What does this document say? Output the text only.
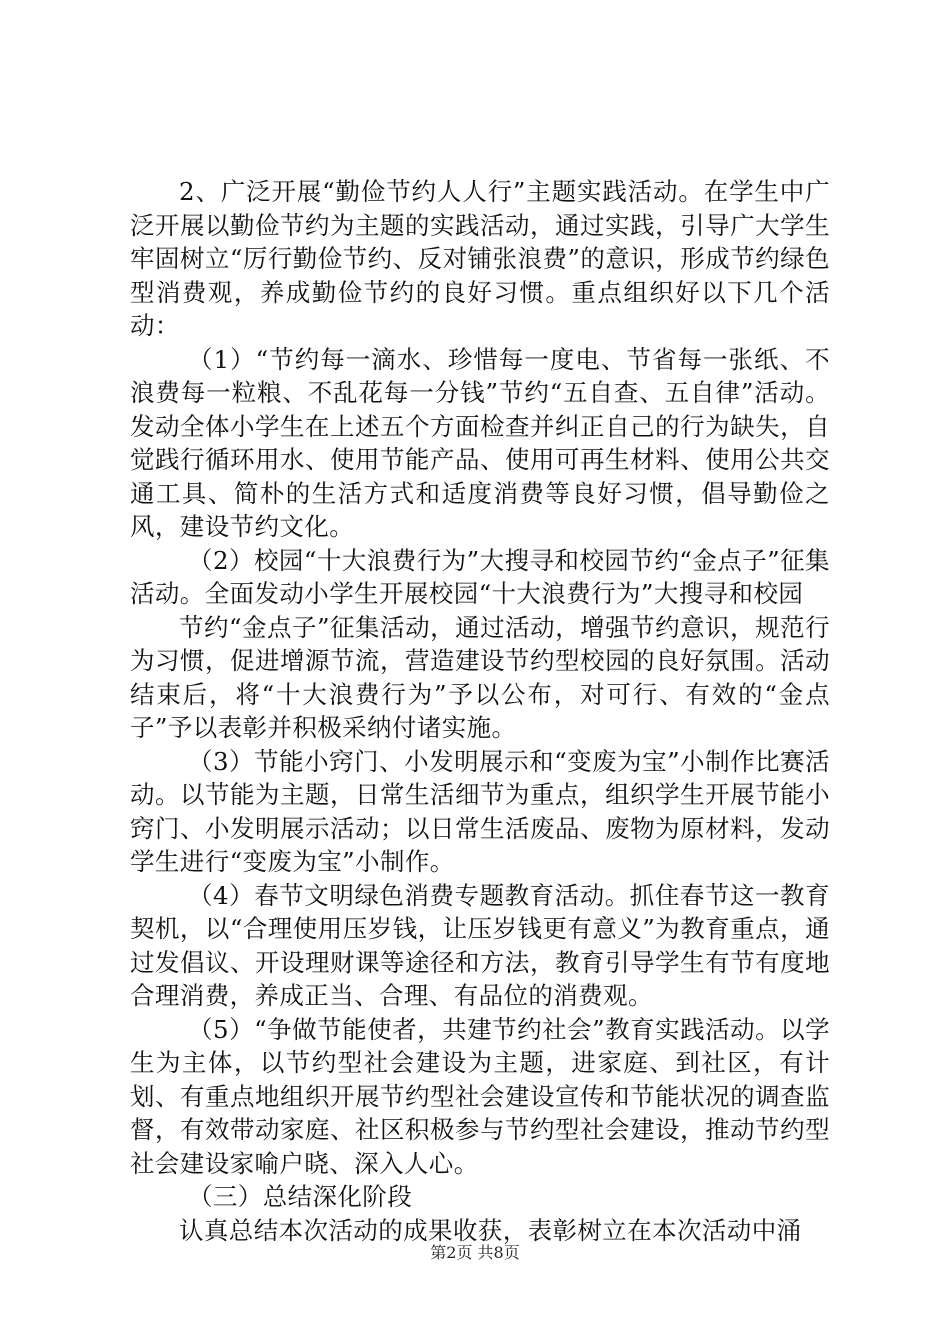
2、广泛开展“勤俭节约人人行”主题实践活动。在学生中广泛开展以勤俭节约为主题的实践活动，通过实践，引导广大学生牢固树立“厉行勤俭节约、反对铺张浪费”的意识，形成节约绿色型消费观，养成勤俭节约的良好习惯。重点组织好以下几个活动：

（1）“节约每一滴水、珍惜每一度电、节省每一张纸、不浪费每一粒粮、不乱花每一分钱”节约“五自查、五自律”活动。发动全体小学生在上述五个方面检查并纠正自己的行为缺失，自觉践行循环用水、使用节能产品、使用可再生材料、使用公共交通工具、简朴的生活方式和适度消费等良好习惯，倡导勤俭之风，建设节约文化。

（2）校园“十大浪费行为”大搜寻和校园节约“金点子”征集活动。全面发动小学生开展校园“十大浪费行为”大搜寻和校园

节约“金点子”征集活动，通过活动，增强节约意识，规范行为习惯，促进增源节流，营造建设节约型校园的良好氛围。活动结束后，将“十大浪费行为”予以公布，对可行、有效的“金点子”予以表彰并积极采纳付诸实施。

（3）节能小窍门、小发明展示和“变废为宝”小制作比赛活动。以节能为主题，日常生活细节为重点，组织学生开展节能小窍门、小发明展示活动；以日常生活废品、废物为原材料，发动学生进行“变废为宝”小制作。

（4）春节文明绿色消费专题教育活动。抓住春节这一教育契机，以“合理使用压岁钱，让压岁钱更有意义”为教育重点，通过发倡议、开设理财课等途径和方法，教育引导学生有节有度地合理消费，养成正当、合理、有品位的消费观。

（5）“争做节能使者，共建节约社会”教育实践活动。以学生为主体，以节约型社会建设为主题，进家庭、到社区，有计划、有重点地组织开展节约型社会建设宣传和节能状况的调查监督，有效带动家庭、社区积极参与节约型社会建设，推动节约型社会建设家喻户晓、深入人心。

（三）总结深化阶段

认真总结本次活动的成果收获，表彰树立在本次活动中涌

第2页 共8页
